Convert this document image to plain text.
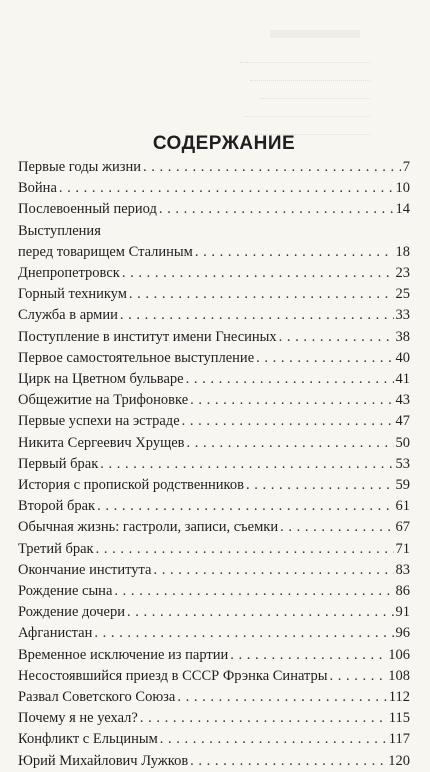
СОДЕРЖАНИЕ
Первые годы жизни . . .	7
Война . . .	10
Послевоенный период . . .	14
Выступления
перед товарищем Сталиным . . .	18
Днепропетровск . . .	23
Горный техникум . . .	25
Служба в армии . . .	33
Поступление в институт имени Гнесиных . . .	38
Первое самостоятельное выступление . . .	40
Цирк на Цветном бульваре . . .	41
Общежитие на Трифоновке . . .	43
Первые успехи на эстраде . . .	47
Никита Сергеевич Хрущев . . .	50
Первый брак . . .	53
История с пропиской родственников . . .	59
Второй брак . . .	61
Обычная жизнь: гастроли, записи, съемки . . .	67
Третий брак . . .	71
Окончание института . . .	83
Рождение сына . . .	86
Рождение дочери . . .	91
Афганистан . . .	96
Временное исключение из партии . . .	106
Несостоявшийся приезд в СССР Фрэнка Синатры . . .	108
Развал Советского Союза . . .	112
Почему я не уехал? . . .	115
Конфликт с Ельциным . . .	117
Юрий Михайлович Лужков . . .	120
